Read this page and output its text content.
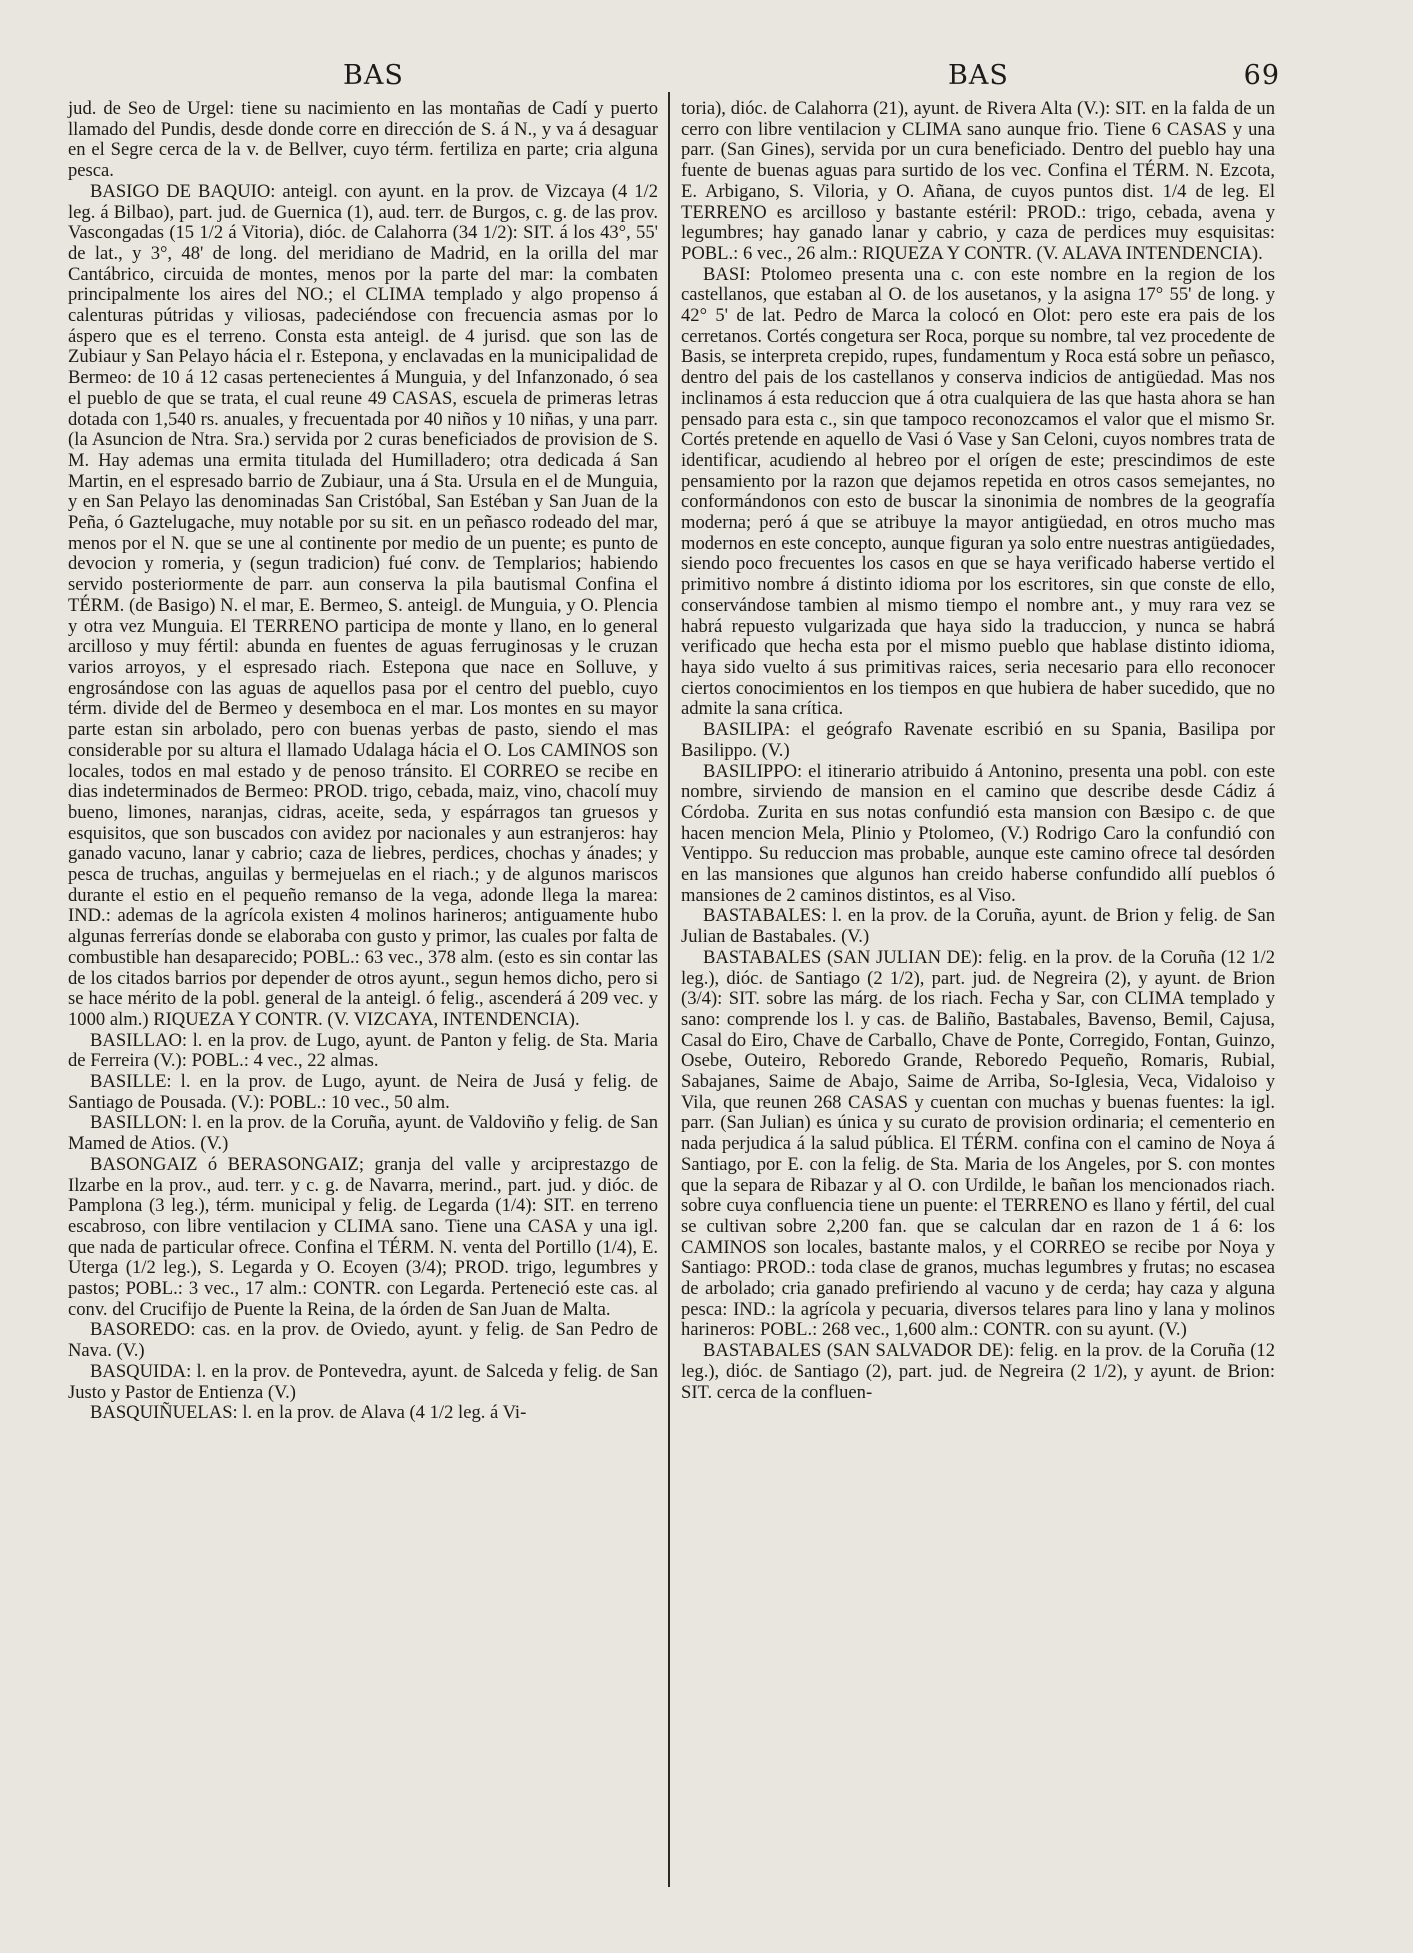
BAS	BAS	69

jud. de Seo de Urgel: tiene su nacimiento en las montañas de Cadí y puerto llamado del Pundis, desde donde corre en dirección de S. á N., y va á desaguar en el Segre cerca de la v. de Bellver, cuyo térm. fertiliza en parte; cria alguna pesca.

BASIGO DE BAQUIO: anteigl. con ayunt. en la prov. de Vizcaya (4 1/2 leg. á Bilbao), part. jud. de Guernica (1), aud. terr. de Burgos, c. g. de las prov. Vascongadas (15 1/2 á Vitoria), dióc. de Calahorra (34 1/2): SIT. á los 43°, 55' de lat., y 3°, 48' de long. del meridiano de Madrid, en la orilla del mar Cantábrico, circuida de montes, menos por la parte del mar: la combaten principalmente los aires del NO.; el CLIMA templado y algo propenso á calenturas pútridas y viliosas, padeciéndose con frecuencia asmas por lo áspero que es el terreno. Consta esta anteigl. de 4 jurisd. que son las de Zubiaur y San Pelayo hácia el r. Estepona, y enclavadas en la municipalidad de Bermeo: de 10 á 12 casas pertenecientes á Munguia, y del Infanzonado, ó sea el pueblo de que se trata, el cual reune 49 CASAS, escuela de primeras letras dotada con 1,540 rs. anuales, y frecuentada por 40 niños y 10 niñas, y una parr. (la Asuncion de Ntra. Sra.) servida por 2 curas beneficiados de provision de S. M. Hay ademas una ermita titulada del Humilladero; otra dedicada á San Martin, en el espresado barrio de Zubiaur, una á Sta. Ursula en el de Munguia, y en San Pelayo las denominadas San Cristóbal, San Estéban y San Juan de la Peña, ó Gaztelugache, muy notable por su sit. en un peñasco rodeado del mar, menos por el N. que se une al continente por medio de un puente; es punto de devocion y romeria, y (segun tradicion) fué conv. de Templarios; habiendo servido posteriormente de parr. aun conserva la pila bautismal Confina el TÉRM. (de Basigo) N. el mar, E. Bermeo, S. anteigl. de Munguia, y O. Plencia y otra vez Munguia. El TERRENO participa de monte y llano, en lo general arcilloso y muy fértil: abunda en fuentes de aguas ferruginosas y le cruzan varios arroyos, y el espresado riach. Estepona que nace en Solluve, y engrosándose con las aguas de aquellos pasa por el centro del pueblo, cuyo térm. divide del de Bermeo y desemboca en el mar. Los montes en su mayor parte estan sin arbolado, pero con buenas yerbas de pasto, siendo el mas considerable por su altura el llamado Udalaga hácia el O. Los CAMINOS son locales, todos en mal estado y de penoso tránsito. El CORREO se recibe en dias indeterminados de Bermeo: PROD. trigo, cebada, maiz, vino, chacolí muy bueno, limones, naranjas, cidras, aceite, seda, y espárragos tan gruesos y esquisitos, que son buscados con avidez por nacionales y aun estranjeros: hay ganado vacuno, lanar y cabrio; caza de liebres, perdices, chochas y ánades; y pesca de truchas, anguilas y bermejuelas en el riach.; y de algunos mariscos durante el estio en el pequeño remanso de la vega, adonde llega la marea: IND.: ademas de la agrícola existen 4 molinos harineros; antiguamente hubo algunas ferrerías donde se elaboraba con gusto y primor, las cuales por falta de combustible han desaparecido; POBL.: 63 vec., 378 alm. (esto es sin contar las de los citados barrios por depender de otros ayunt., segun hemos dicho, pero si se hace mérito de la pobl. general de la anteigl. ó felig., ascenderá á 209 vec. y 1000 alm.) RIQUEZA Y CONTR. (V. VIZCAYA, INTENDENCIA).

BASILLAO: l. en la prov. de Lugo, ayunt. de Panton y felig. de Sta. Maria de Ferreira (V.): POBL.: 4 vec., 22 almas.

BASILLE: l. en la prov. de Lugo, ayunt. de Neira de Jusá y felig. de Santiago de Pousada. (V.): POBL.: 10 vec., 50 alm.

BASILLON: l. en la prov. de la Coruña, ayunt. de Valdoviño y felig. de San Mamed de Atios. (V.)

BASONGAIZ ó BERASONGAIZ; granja del valle y arciprestazgo de Ilzarbe en la prov., aud. terr. y c. g. de Navarra, merind., part. jud. y dióc. de Pamplona (3 leg.), térm. municipal y felig. de Legarda (1/4): SIT. en terreno escabroso, con libre ventilacion y CLIMA sano. Tiene una CASA y una igl. que nada de particular ofrece. Confina el TÉRM. N. venta del Portillo (1/4), E. Uterga (1/2 leg.), S. Legarda y O. Ecoyen (3/4); PROD. trigo, legumbres y pastos; POBL.: 3 vec., 17 alm.: CONTR. con Legarda. Perteneció este cas. al conv. del Crucifijo de Puente la Reina, de la órden de San Juan de Malta.

BASOREDO: cas. en la prov. de Oviedo, ayunt. y felig. de San Pedro de Nava. (V.)

BASQUIDA: l. en la prov. de Pontevedra, ayunt. de Salceda y felig. de San Justo y Pastor de Entienza (V.)

BASQUIÑUELAS: l. en la prov. de Alava (4 1/2 leg. á Vi-

toria), dióc. de Calahorra (21), ayunt. de Rivera Alta (V.): SIT. en la falda de un cerro con libre ventilacion y CLIMA sano aunque frio. Tiene 6 CASAS y una parr. (San Gines), servida por un cura beneficiado. Dentro del pueblo hay una fuente de buenas aguas para surtido de los vec. Confina el TÉRM. N. Ezcota, E. Arbigano, S. Viloria, y O. Añana, de cuyos puntos dist. 1/4 de leg. El TERRENO es arcilloso y bastante estéril: PROD.: trigo, cebada, avena y legumbres; hay ganado lanar y cabrio, y caza de perdices muy esquisitas: POBL.: 6 vec., 26 alm.: RIQUEZA Y CONTR. (V. ALAVA INTENDENCIA).

BASI: Ptolomeo presenta una c. con este nombre en la region de los castellanos, que estaban al O. de los ausetanos, y la asigna 17° 55' de long. y 42° 5' de lat. Pedro de Marca la colocó en Olot: pero este era pais de los cerretanos. Cortés congetura ser Roca, porque su nombre, tal vez procedente de Basis, se interpreta crepido, rupes, fundamentum y Roca está sobre un peñasco, dentro del pais de los castellanos y conserva indicios de antigüedad. Mas nos inclinamos á esta reduccion que á otra cualquiera de las que hasta ahora se han pensado para esta c., sin que tampoco reconozcamos el valor que el mismo Sr. Cortés pretende en aquello de Vasi ó Vase y San Celoni, cuyos nombres trata de identificar, acudiendo al hebreo por el orígen de este; prescindimos de este pensamiento por la razon que dejamos repetida en otros casos semejantes, no conformándonos con esto de buscar la sinonimia de nombres de la geografía moderna; peró á que se atribuye la mayor antigüedad, en otros mucho mas modernos en este concepto, aunque figuran ya solo entre nuestras antigüedades, siendo poco frecuentes los casos en que se haya verificado haberse vertido el primitivo nombre á distinto idioma por los escritores, sin que conste de ello, conservándose tambien al mismo tiempo el nombre ant., y muy rara vez se habrá repuesto vulgarizada que haya sido la traduccion, y nunca se habrá verificado que hecha esta por el mismo pueblo que hablase distinto idioma, haya sido vuelto á sus primitivas raices, seria necesario para ello reconocer ciertos conocimientos en los tiempos en que hubiera de haber sucedido, que no admite la sana crítica.

BASILIPA: el geógrafo Ravenate escribió en su Spania, Basilipa por Basilippo. (V.)

BASILIPPO: el itinerario atribuido á Antonino, presenta una pobl. con este nombre, sirviendo de mansion en el camino que describe desde Cádiz á Córdoba. Zurita en sus notas confundió esta mansion con Bæsipo c. de que hacen mencion Mela, Plinio y Ptolomeo, (V.) Rodrigo Caro la confundió con Ventippo. Su reduccion mas probable, aunque este camino ofrece tal desórden en las mansiones que algunos han creido haberse confundido allí pueblos ó mansiones de 2 caminos distintos, es al Viso.

BASTABALES: l. en la prov. de la Coruña, ayunt. de Brion y felig. de San Julian de Bastabales. (V.)

BASTABALES (SAN JULIAN DE): felig. en la prov. de la Coruña (12 1/2 leg.), dióc. de Santiago (2 1/2), part. jud. de Negreira (2), y ayunt. de Brion (3/4): SIT. sobre las márg. de los riach. Fecha y Sar, con CLIMA templado y sano: comprende los l. y cas. de Baliño, Bastabales, Bavenso, Bemil, Cajusa, Casal do Eiro, Chave de Carballo, Chave de Ponte, Corregido, Fontan, Guinzo, Osebe, Outeiro, Reboredo Grande, Reboredo Pequeño, Romaris, Rubial, Sabajanes, Saime de Abajo, Saime de Arriba, So-Iglesia, Veca, Vidaloiso y Vila, que reunen 268 CASAS y cuentan con muchas y buenas fuentes: la igl. parr. (San Julian) es única y su curato de provision ordinaria; el cementerio en nada perjudica á la salud pública. El TÉRM. confina con el camino de Noya á Santiago, por E. con la felig. de Sta. Maria de los Angeles, por S. con montes que la separa de Ribazar y al O. con Urdilde, le bañan los mencionados riach. sobre cuya confluencia tiene un puente: el TERRENO es llano y fértil, del cual se cultivan sobre 2,200 fan. que se calculan dar en razon de 1 á 6: los CAMINOS son locales, bastante malos, y el CORREO se recibe por Noya y Santiago: PROD.: toda clase de granos, muchas legumbres y frutas; no escasea de arbolado; cria ganado prefiriendo al vacuno y de cerda; hay caza y alguna pesca: IND.: la agrícola y pecuaria, diversos telares para lino y lana y molinos harineros: POBL.: 268 vec., 1,600 alm.: CONTR. con su ayunt. (V.)

BASTABALES (SAN SALVADOR DE): felig. en la prov. de la Coruña (12 leg.), dióc. de Santiago (2), part. jud. de Negreira (2 1/2), y ayunt. de Brion: SIT. cerca de la confluen-
